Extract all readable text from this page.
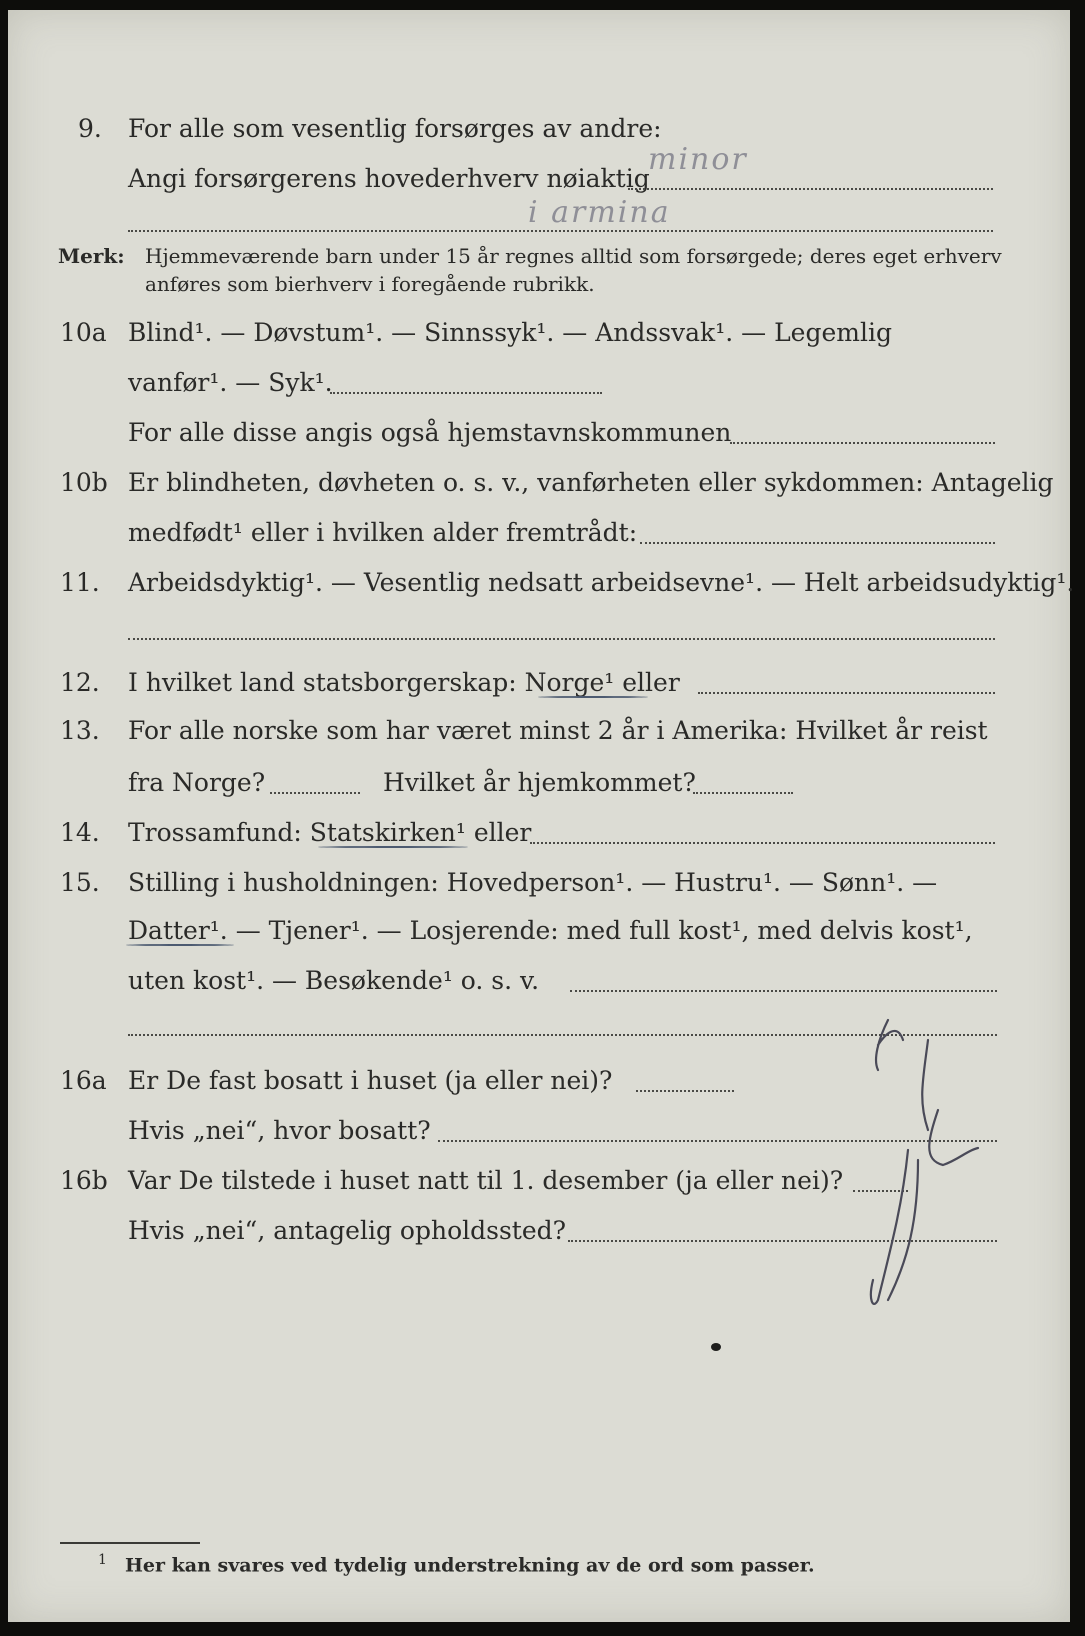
9. For alle som vesentlig forsørges av andre:
Angi forsørgerens hovederhverv nøiaktig
minor
i armina
Merk: Hjemmeværende barn under 15 år regnes alltid som forsørgede; deres eget erhverv
anføres som bierhverv i foregående rubrikk.
10a Blind¹. — Døvstum¹. — Sinnssyk¹. — Andssvak¹. — Legemlig
vanfør¹. — Syk¹.
For alle disse angis også hjemstavnskommunen
10b Er blindheten, døvheten o. s. v., vanførheten eller sykdommen: Antagelig
medfødt¹ eller i hvilken alder fremtrådt:
11. Arbeidsdyktig¹. — Vesentlig nedsatt arbeidsevne¹. — Helt arbeidsudyktig¹.
12. I hvilket land statsborgerskap: Norge¹ eller
13. For alle norske som har været minst 2 år i Amerika: Hvilket år reist
fra Norge?	Hvilket år hjemkommet?
14. Trossamfund: Statskirken¹ eller
15. Stilling i husholdningen: Hovedperson¹. — Hustru¹. — Sønn¹. —
Datter¹. — Tjener¹. — Losjerende: med full kost¹, med delvis kost¹,
uten kost¹. — Besøkende¹ o. s. v.
16a Er De fast bosatt i huset (ja eller nei)?
Hvis „nei“, hvor bosatt?
16b Var De tilstede i huset natt til 1. desember (ja eller nei)?
Hvis „nei“, antagelig opholdssted?
$^1$ Her kan svares ved tydelig understrekning av de ord som passer.
